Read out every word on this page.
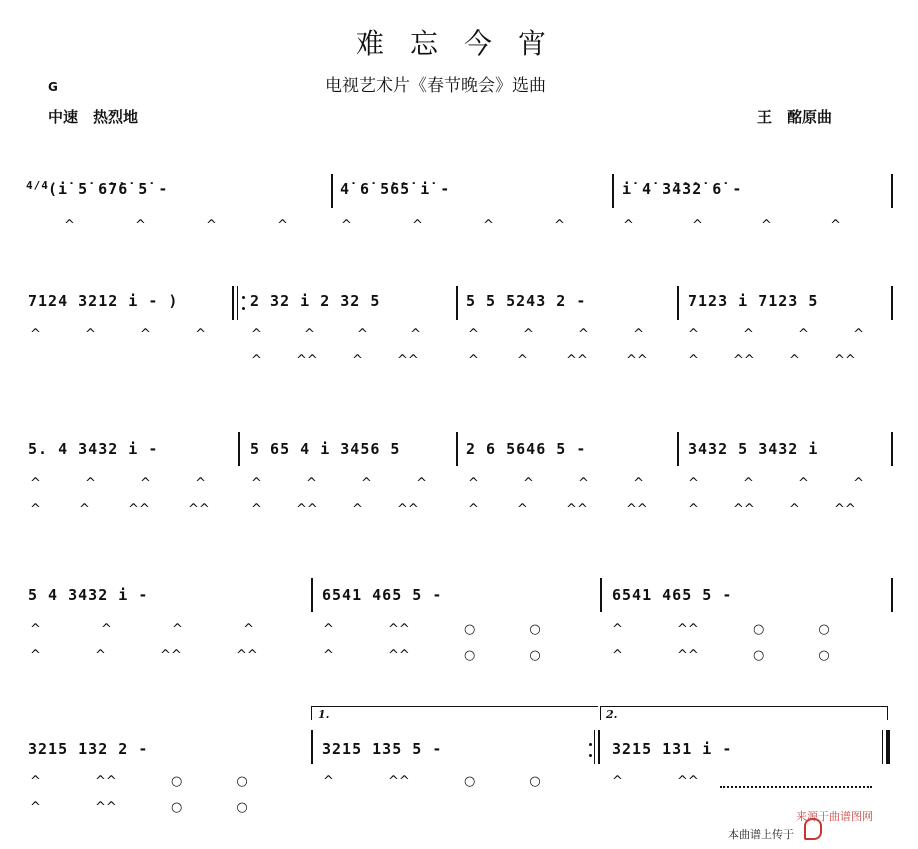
难忘今宵
电视艺术片《春节晚会》选曲
G
中速　热烈地	王　酩原曲
4/4 (i̇ 5̇ 6̇7̇6̇ 5̇ -	4̇ 6̇ 5̇6̇5̇ i̇ -	i̇ 4̇ 3̇4̇3̇2̇ 6̇ -
^ ^ ^ ^	^ ^ ^ ^	^ ^ ^ ^
7124 3212 i - )	2 32 i 2 32 5	5 5 5243 2 -	7123 i 7123 5
^ ^ ^ ^	^ ^ ^ ^	^ ^ ^ ^	^ ^ ^ ^
^ ^^ ^ ^^	^ ^ ^^ ^^	^ ^^ ^ ^^
5. 4 3432 i -	5 65 4 i 3456 5	2 6 5646 5 -	3432 5 3432 i
^ ^ ^ ^	^ ^ ^ ^	^ ^ ^ ^	^ ^ ^ ^
^ ^ ^^ ^^	^ ^^ ^ ^^	^ ^ ^^ ^^	^ ^^ ^ ^^
5 4 3432 i -	6541 465 5 -	6541 465 5 -
^ ^ ^ ^	^ ^^ ○ ○	^ ^^ ○ ○
^ ^ ^^ ^^	^ ^^ ○ ○	^ ^^ ○ ○
1.	2.
3215 132 2 -	3215 135 5 -	3215 131 i -
^ ^^ ○ ○	^ ^^ ○ ○	^ ^^
^ ^^ ○ ○
本曲谱上传于
来源于曲谱图网
